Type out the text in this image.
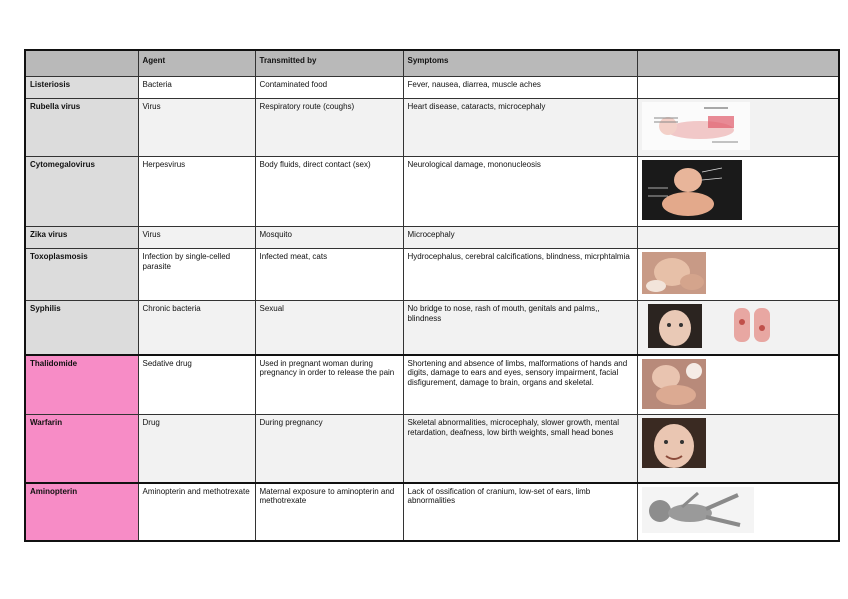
	Agent	Transmitted by	Symptoms	
Listeriosis	Bacteria	Contaminated food	Fever, nausea, diarrea, muscle aches	
Rubella virus	Virus	Respiratory route (coughs)	Heart disease, cataracts, microcephaly	

Cytomegalovirus	Herpesvirus	Body fluids, direct contact (sex)	Neurological damage, mononucleosis	

Zika virus	Virus	Mosquito	Microcephaly	
Toxoplasmosis	Infection by single-celled parasite	Infected meat, cats	Hydrocephalus, cerebral calcifications, blindness, micrphtalmia	

Syphilis	Chronic bacteria	Sexual	No bridge to nose, rash of mouth, genitals and palms,, blindness	

Thalidomide	Sedative drug	Used in pregnant woman during pregnancy in order to release the pain	Shortening and absence of limbs, malformations of hands and digits, damage to ears and eyes, sensory impairment, facial disfigurement, damage to brain, organs and skeletal.	

Warfarin	Drug	During pregnancy	Skeletal abnormalities, microcephaly, slower growth, mental retardation, deafness, low birth weights, small head bones	

Aminopterin	Aminopterin and methotrexate	Maternal exposure to aminopterin and methotrexate	Lack of ossification of cranium, low-set of ears, limb abnormalities	
